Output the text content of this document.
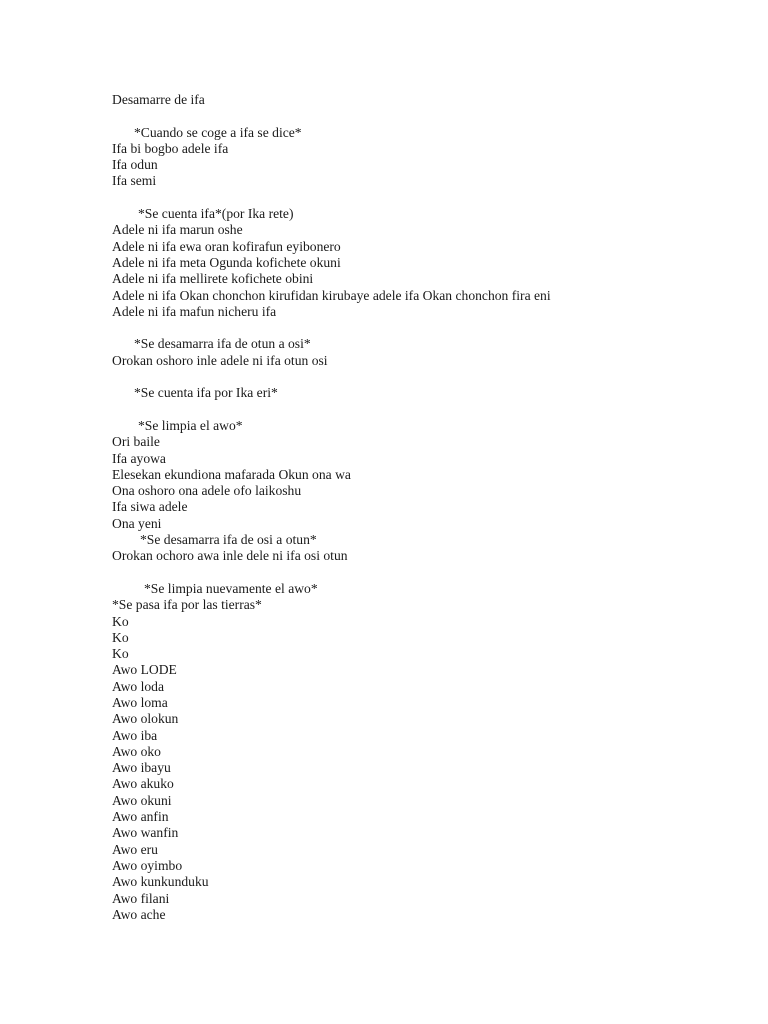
Desamarre de ifa
*Cuando se coge a ifa se dice*
Ifa bi bogbo adele ifa
Ifa odun
Ifa semi
*Se cuenta ifa*(por Ika rete)
Adele ni ifa marun oshe
Adele ni ifa ewa oran kofirafun eyibonero
Adele ni ifa meta Ogunda kofichete okuni
Adele ni ifa mellirete kofichete obini
Adele ni ifa Okan chonchon kirufidan kirubaye adele ifa Okan chonchon fira eni
Adele ni ifa mafun nicheru ifa
*Se desamarra ifa de otun a osi*
Orokan oshoro inle adele ni ifa otun osi
*Se cuenta ifa por Ika eri*
*Se limpia el awo*
Ori baile
Ifa ayowa
Elesekan ekundiona mafarada Okun ona wa
Ona oshoro ona adele ofo laikoshu
Ifa siwa adele
Ona yeni
*Se desamarra ifa de osi a otun*
Orokan ochoro awa inle dele ni ifa osi otun
*Se limpia nuevamente el awo*
*Se pasa ifa por las tierras*
Ko
Ko
Ko
Awo LODE
Awo loda
Awo loma
Awo olokun
Awo iba
Awo oko
Awo ibayu
Awo akuko
Awo okuni
Awo anfin
Awo wanfin
Awo eru
Awo oyimbo
Awo kunkunduku
Awo filani
Awo ache
